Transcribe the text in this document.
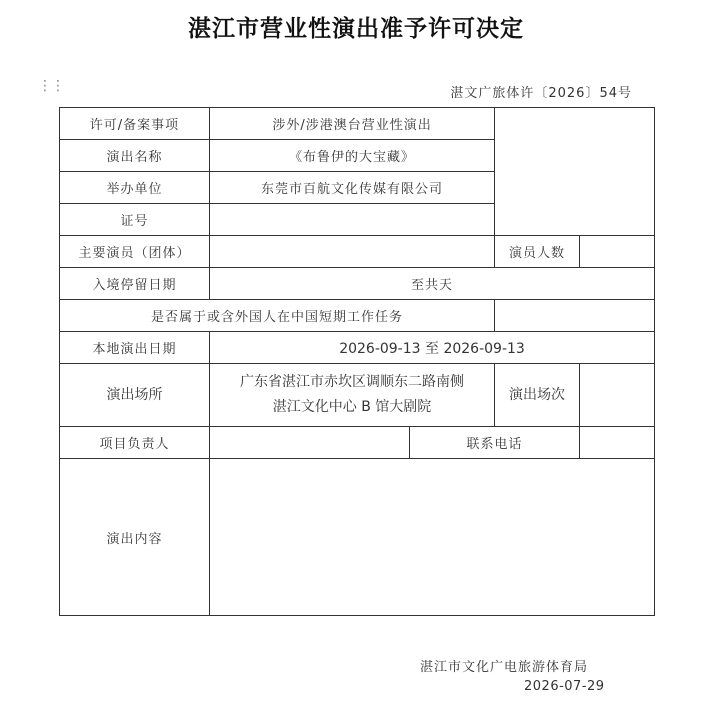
湛江市营业性演出准予许可决定
⋮⋮	湛文广旅体许〔2026〕54号
许可/备案事项	涉外/涉港澳台营业性演出			
演出名称	《布鲁伊的大宝藏》			
举办单位	东莞市百航文化传媒有限公司			
证号				
主要演员（团体）			演员人数	
入境停留日期	至共天			
是否属于或含外国人在中国短期工作任务				
本地演出日期	2026-09-13 至 2026-09-13			
演出场所	广东省湛江市赤坎区调顺东二路南侧
湛江文化中心 B 馆大剧院		演出场次	
项目负责人		联系电话		
演出内容				
湛江市文化广电旅游体育局
2026-07-29
